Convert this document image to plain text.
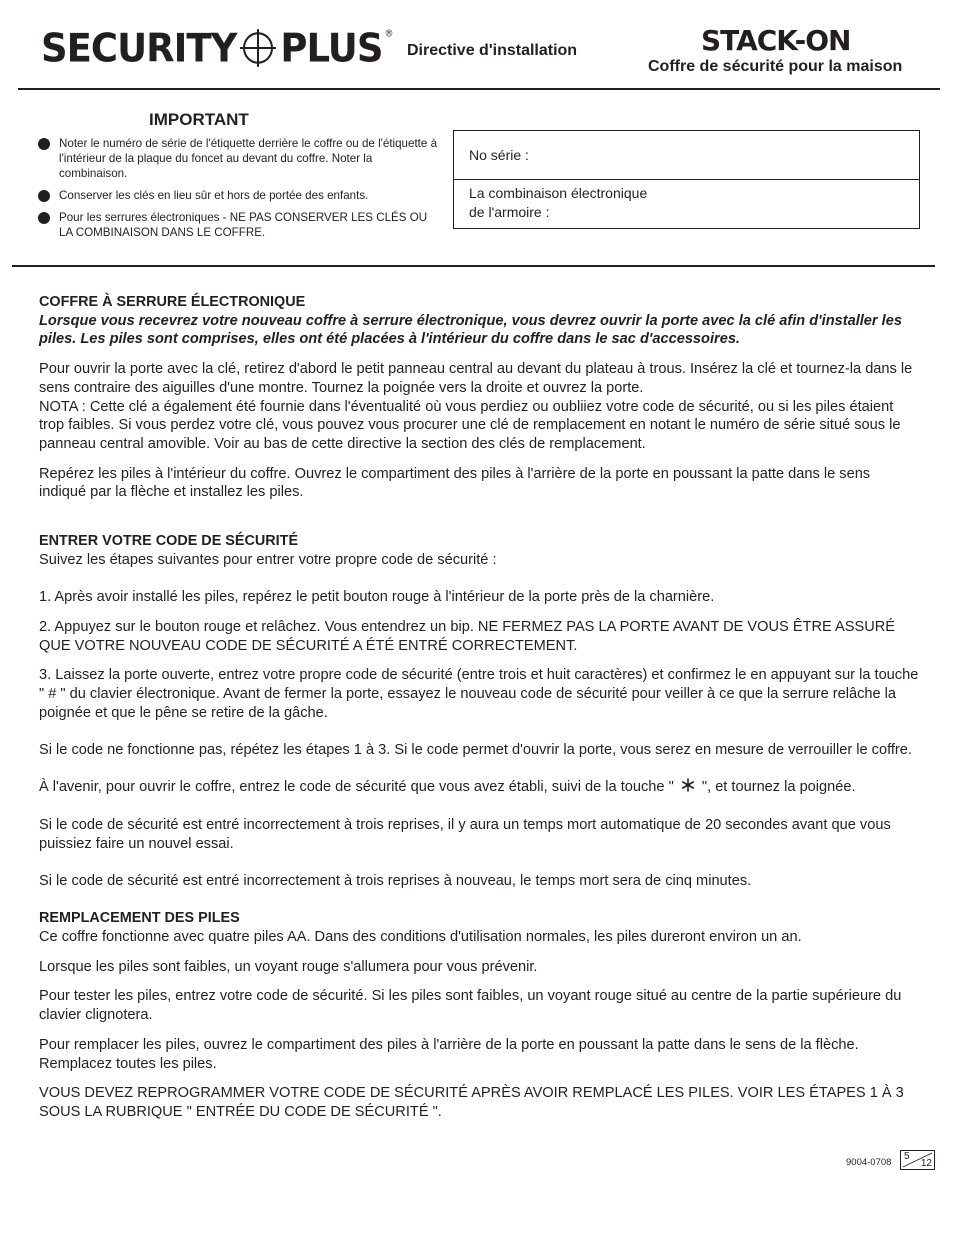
SECURITY PLUS ®
Directive d'installation	STACK-ON
Coffre de sécurité pour la maison
IMPORTANT
Noter le numéro de série de l'étiquette derrière le coffre ou de l'étiquette à l'intérieur de la plaque du foncet au devant du coffre. Noter la combinaison.
Conserver les clés en lieu sûr et hors de portée des enfants.
Pour les serrures électroniques - NE PAS CONSERVER LES CLÉS OU LA COMBINAISON DANS LE COFFRE.
No série :
La combinaison électronique
de l'armoire :

COFFRE À SERRURE ÉLECTRONIQUE

Lorsque vous recevrez votre nouveau coffre à serrure électronique, vous devrez ouvrir la porte avec la clé afin d'installer les piles. Les piles sont comprises, elles ont été placées à l'intérieur du coffre dans le sac d'accessoires.

Pour ouvrir la porte avec la clé, retirez d'abord le petit panneau central au devant du plateau à trous. Insérez la clé et tournez-la dans le sens contraire des aiguilles d'une montre. Tournez la poignée vers la droite et ouvrez la porte.

NOTA : Cette clé a également été fournie dans l'éventualité où vous perdiez ou oubliiez votre code de sécurité, ou si les piles étaient trop faibles. Si vous perdez votre clé, vous pouvez vous procurer une clé de remplacement en notant le numéro de série situé sous le panneau central amovible. Voir au bas de cette directive la section des clés de remplacement.

Repérez les piles à l'intérieur du coffre. Ouvrez le compartiment des piles à l'arrière de la porte en poussant la patte dans le sens indiqué par la flèche et installez les piles.

ENTRER VOTRE CODE DE SÉCURITÉ

Suivez les étapes suivantes pour entrer votre propre code de sécurité :

1. Après avoir installé les piles, repérez le petit bouton rouge à l'intérieur de la porte près de la charnière.

2. Appuyez sur le bouton rouge et relâchez. Vous entendrez un bip. NE FERMEZ PAS LA PORTE AVANT DE VOUS ÊTRE ASSURÉ QUE VOTRE NOUVEAU CODE DE SÉCURITÉ A ÉTÉ ENTRÉ CORRECTEMENT.

3. Laissez la porte ouverte, entrez votre propre code de sécurité (entre trois et huit caractères) et confirmez le en appuyant sur la touche " # " du clavier électronique. Avant de fermer la porte, essayez le nouveau code de sécurité pour veiller à ce que la serrure relâche la poignée et que le pêne se retire de la gâche.

Si le code ne fonctionne pas, répétez les étapes 1 à 3. Si le code permet d'ouvrir la porte, vous serez en mesure de verrouiller le coffre.

À l'avenir, pour ouvrir le coffre, entrez le code de sécurité que vous avez établi, suivi de la touche " ", et tournez la poignée.

Si le code de sécurité est entré incorrectement à trois reprises, il y aura un temps mort automatique de 20 secondes avant que vous puissiez faire un nouvel essai.

Si le code de sécurité est entré incorrectement à trois reprises à nouveau, le temps mort sera de cinq minutes.

REMPLACEMENT DES PILES

Ce coffre fonctionne avec quatre piles AA. Dans des conditions d'utilisation normales, les piles dureront environ un an.

Lorsque les piles sont faibles, un voyant rouge s'allumera pour vous prévenir.

Pour tester les piles, entrez votre code de sécurité. Si les piles sont faibles, un voyant rouge situé au centre de la partie supérieure du clavier clignotera.

Pour remplacer les piles, ouvrez le compartiment des piles à l'arrière de la porte en poussant la patte dans le sens de la flèche. Remplacez toutes les piles.

VOUS DEVEZ REPROGRAMMER VOTRE CODE DE SÉCURITÉ APRÈS AVOIR REMPLACÉ LES PILES. VOIR LES ÉTAPES 1 À 3 SOUS LA RUBRIQUE " ENTRÉE DU CODE DE SÉCURITÉ ".

9004-0708
5
12
